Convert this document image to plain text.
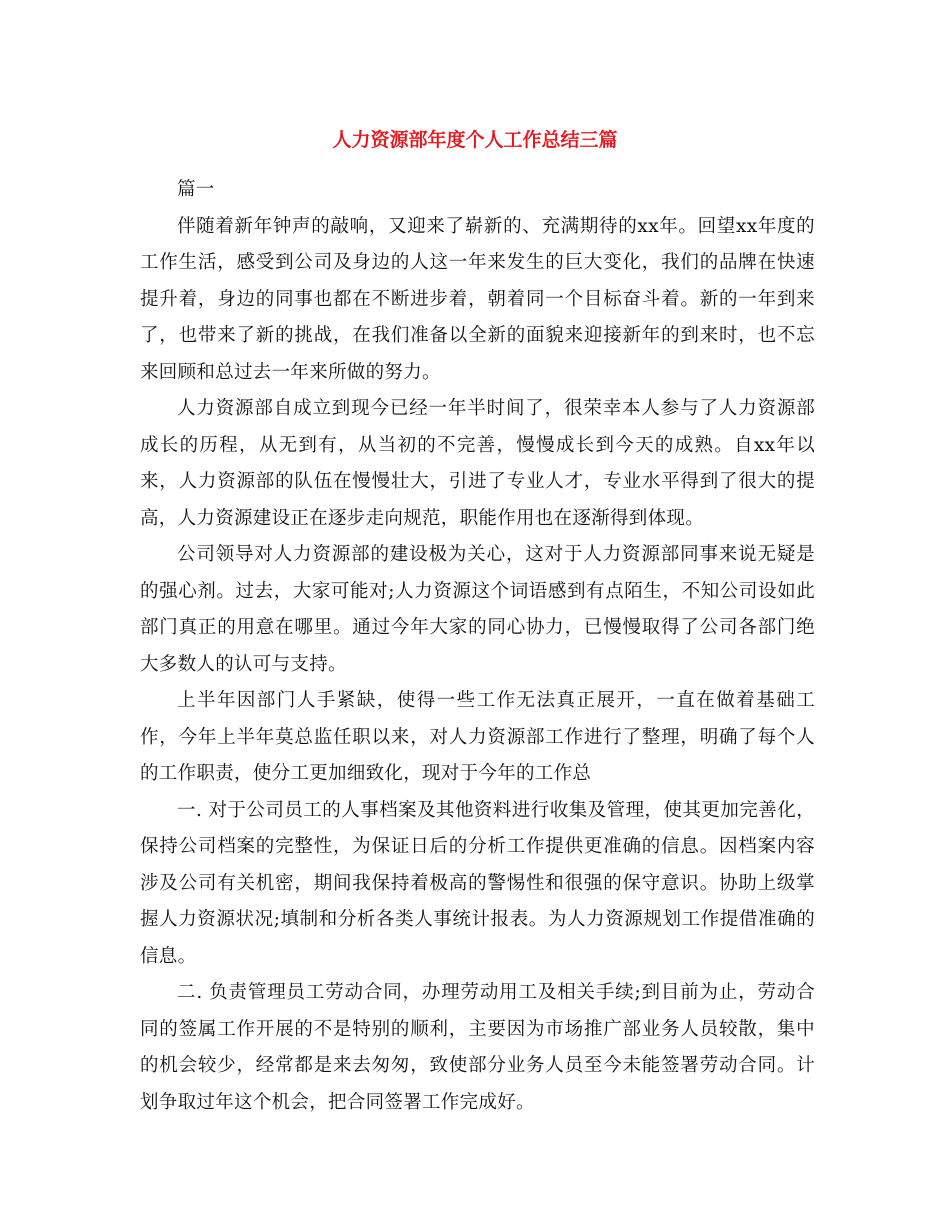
人力资源部年度个人工作总结三篇

篇一

伴随着新年钟声的敲响，又迎来了崭新的、充满期待的xx年。回望xx年度的工作生活，感受到公司及身边的人这一年来发生的巨大变化，我们的品牌在快速提升着，身边的同事也都在不断进步着，朝着同一个目标奋斗着。新的一年到来了，也带来了新的挑战，在我们准备以全新的面貌来迎接新年的到来时，也不忘来回顾和总过去一年来所做的努力。

人力资源部自成立到现今已经一年半时间了，很荣幸本人参与了人力资源部成长的历程，从无到有，从当初的不完善，慢慢成长到今天的成熟。自xx年以来，人力资源部的队伍在慢慢壮大，引进了专业人才，专业水平得到了很大的提高，人力资源建设正在逐步走向规范，职能作用也在逐渐得到体现。

公司领导对人力资源部的建设极为关心，这对于人力资源部同事来说无疑是的强心剂。过去，大家可能对;人力资源这个词语感到有点陌生，不知公司设如此部门真正的用意在哪里。通过今年大家的同心协力，已慢慢取得了公司各部门绝大多数人的认可与支持。

上半年因部门人手紧缺，使得一些工作无法真正展开，一直在做着基础工作，今年上半年莫总监任职以来，对人力资源部工作进行了整理，明确了每个人的工作职责，使分工更加细致化，现对于今年的工作总

一. 对于公司员工的人事档案及其他资料进行收集及管理，使其更加完善化，保持公司档案的完整性，为保证日后的分析工作提供更准确的信息。因档案内容涉及公司有关机密，期间我保持着极高的警惕性和很强的保守意识。协助上级掌握人力资源状况;填制和分析各类人事统计报表。为人力资源规划工作提借准确的信息。

二. 负责管理员工劳动合同，办理劳动用工及相关手续;到目前为止，劳动合同的签属工作开展的不是特别的顺利，主要因为市场推广部业务人员较散，集中的机会较少，经常都是来去匆匆，致使部分业务人员至今未能签署劳动合同。计划争取过年这个机会，把合同签署工作完成好。
